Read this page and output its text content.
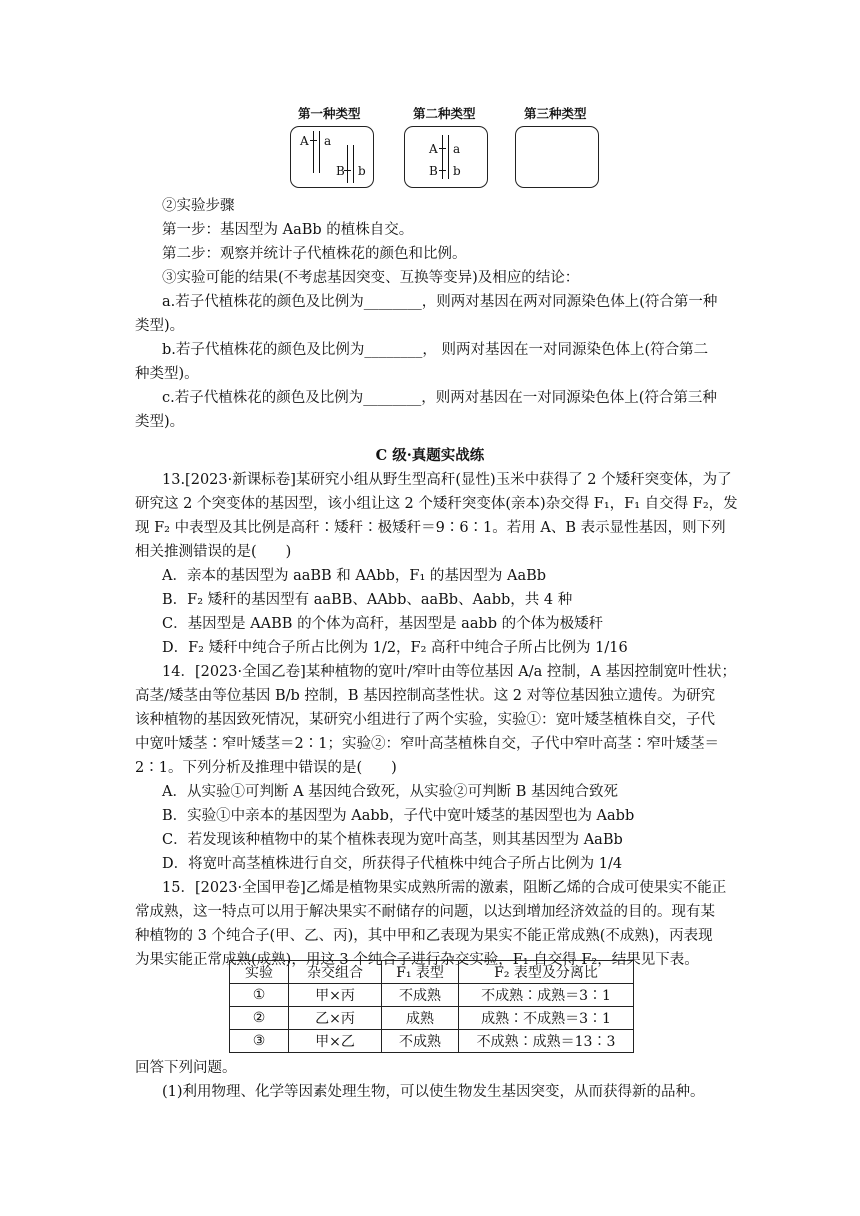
第一种类型	第二种类型	第三种类型
A a
B b
A a
B b
②实验步骤
第一步：基因型为 AaBb 的植株自交。
第二步：观察并统计子代植株花的颜色和比例。
③实验可能的结果(不考虑基因突变、互换等变异)及相应的结论：
a.若子代植株花的颜色及比例为________，则两对基因在两对同源染色体上(符合第一种
类型)。
b.若子代植株花的颜色及比例为________， 则两对基因在一对同源染色体上(符合第二
种类型)。
c.若子代植株花的颜色及比例为________，则两对基因在一对同源染色体上(符合第三种
类型)。
C 级·真题实战练
13.[2023·新课标卷]某研究小组从野生型高秆(显性)玉米中获得了 2 个矮秆突变体，为了
研究这 2 个突变体的基因型，该小组让这 2 个矮秆突变体(亲本)杂交得 F₁，F₁ 自交得 F₂，发
现 F₂ 中表型及其比例是高秆∶矮秆∶极矮秆＝9∶6∶1。若用 A、B 表示显性基因，则下列
相关推测错误的是(　　)
A．亲本的基因型为 aaBB 和 AAbb，F₁ 的基因型为 AaBb
B．F₂ 矮秆的基因型有 aaBB、AAbb、aaBb、Aabb，共 4 种
C．基因型是 AABB 的个体为高秆，基因型是 aabb 的个体为极矮秆
D．F₂ 矮秆中纯合子所占比例为 1/2，F₂ 高秆中纯合子所占比例为 1/16
14．[2023·全国乙卷]某种植物的宽叶/窄叶由等位基因 A/a 控制，A 基因控制宽叶性状；
高茎/矮茎由等位基因 B/b 控制，B 基因控制高茎性状。这 2 对等位基因独立遗传。为研究
该种植物的基因致死情况，某研究小组进行了两个实验，实验①：宽叶矮茎植株自交，子代
中宽叶矮茎∶窄叶矮茎＝2∶1；实验②：窄叶高茎植株自交，子代中窄叶高茎∶窄叶矮茎＝
2∶1。下列分析及推理中错误的是(　　)
A．从实验①可判断 A 基因纯合致死，从实验②可判断 B 基因纯合致死
B．实验①中亲本的基因型为 Aabb，子代中宽叶矮茎的基因型也为 Aabb
C．若发现该种植物中的某个植株表现为宽叶高茎，则其基因型为 AaBb
D．将宽叶高茎植株进行自交，所获得子代植株中纯合子所占比例为 1/4
15．[2023·全国甲卷]乙烯是植物果实成熟所需的激素，阻断乙烯的合成可使果实不能正
常成熟，这一特点可以用于解决果实不耐储存的问题，以达到增加经济效益的目的。现有某
种植物的 3 个纯合子(甲、乙、丙)，其中甲和乙表现为果实不能正常成熟(不成熟)，丙表现
为果实能正常成熟(成熟)，用这 3 个纯合子进行杂交实验，F₁ 自交得 F₂，结果见下表。
实验	杂交组合	F₁ 表型	F₂ 表型及分离比
①	甲×丙	不成熟	不成熟∶成熟＝3∶1
②	乙×丙	成熟	成熟∶不成熟＝3∶1
③	甲×乙	不成熟	不成熟∶成熟＝13∶3
回答下列问题。
(1)利用物理、化学等因素处理生物，可以使生物发生基因突变，从而获得新的品种。
